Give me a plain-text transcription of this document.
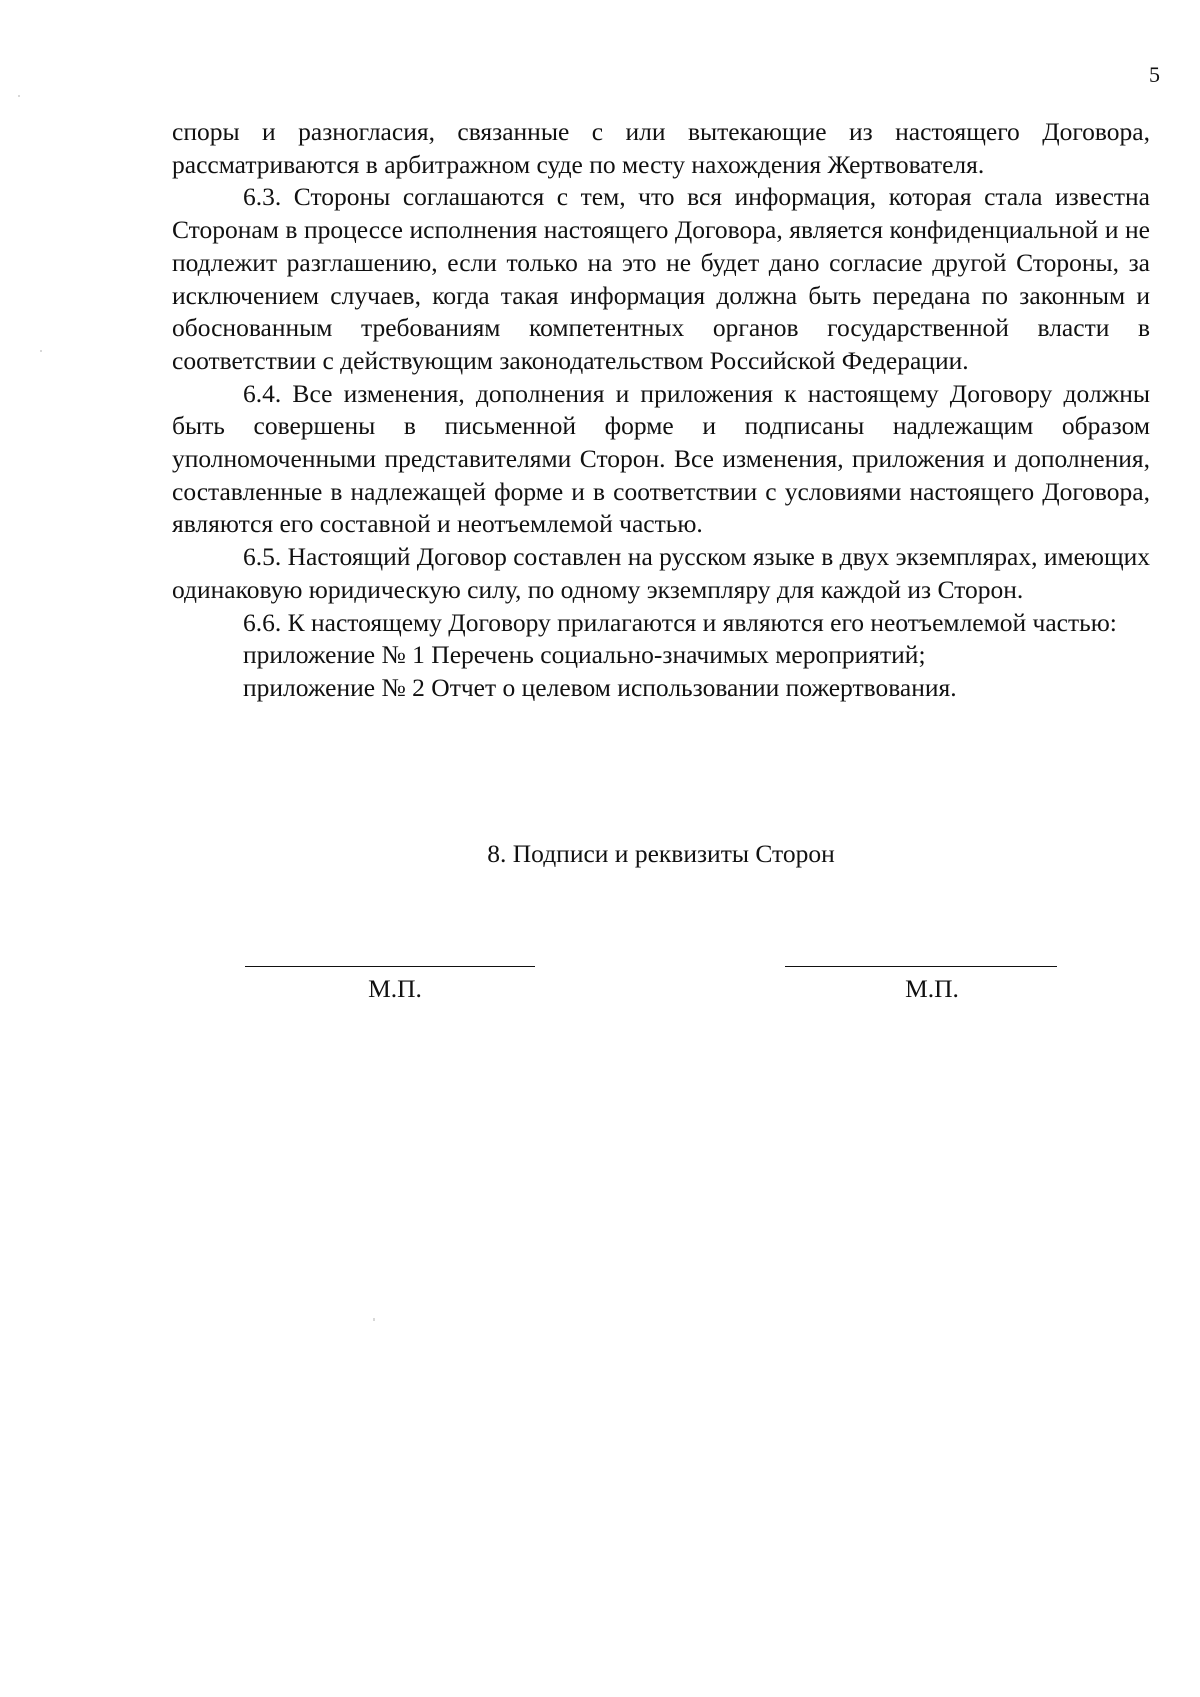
5

споры и разногласия, связанные с или вытекающие из настоящего Договора, рассматриваются в арбитражном суде по месту нахождения Жертвователя.

6.3. Стороны соглашаются с тем, что вся информация, которая стала известна Сторонам в процессе исполнения настоящего Договора, является конфиденциальной и не подлежит разглашению, если только на это не будет дано согласие другой Стороны, за исключением случаев, когда такая информация должна быть передана по законным и обоснованным требованиям компетентных органов государственной власти в соответствии с действующим законодательством Российской Федерации.

6.4. Все изменения, дополнения и приложения к настоящему Договору должны быть совершены в письменной форме и подписаны надлежащим образом уполномоченными представителями Сторон. Все изменения, приложения и дополнения, составленные в надлежащей форме и в соответствии с условиями настоящего Договора, являются его составной и неотъемлемой частью.

6.5. Настоящий Договор составлен на русском языке в двух экземплярах, имеющих одинаковую юридическую силу, по одному экземпляру для каждой из Сторон.

6.6. К настоящему Договору прилагаются и являются его неотъемлемой частью:

приложение № 1 Перечень социально-значимых мероприятий;

приложение № 2 Отчет о целевом использовании пожертвования.

8. Подписи и реквизиты Сторон
М.П.	М.П.
